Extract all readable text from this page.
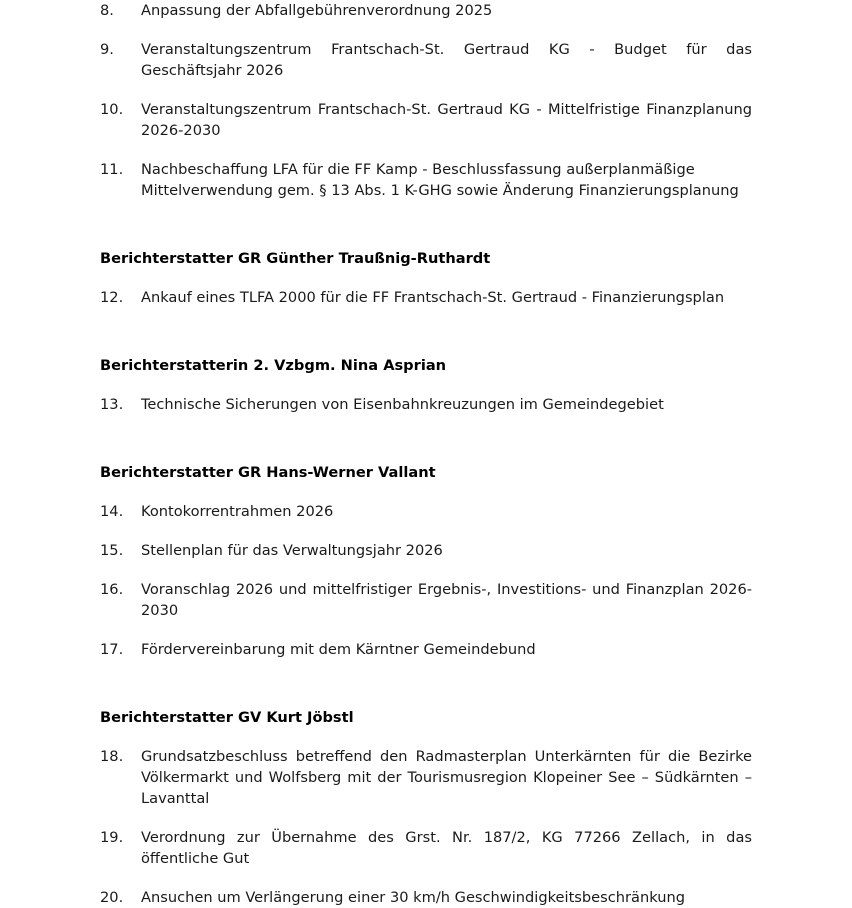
8.	Anpassung der Abfallgebührenverordnung 2025
9.	Veranstaltungszentrum Frantschach-St. Gertraud KG - Budget für das Geschäftsjahr 2026
10.	Veranstaltungszentrum Frantschach-St. Gertraud KG - Mittelfristige Finanzplanung 2026-2030
11.	Nachbeschaffung LFA für die FF Kamp - Beschlussfassung außerplanmäßige Mittelverwendung gem. § 13 Abs. 1 K-GHG sowie Änderung Finanzierungsplanung
Berichterstatter GR Günther Traußnig-Ruthardt
12.	Ankauf eines TLFA 2000 für die FF Frantschach-St. Gertraud - Finanzierungsplan
Berichterstatterin 2. Vzbgm. Nina Asprian
13.	Technische Sicherungen von Eisenbahnkreuzungen im Gemeindegebiet
Berichterstatter GR Hans-Werner Vallant
14.	Kontokorrentrahmen 2026
15.	Stellenplan für das Verwaltungsjahr 2026
16.	Voranschlag 2026 und mittelfristiger Ergebnis-, Investitions- und Finanzplan 2026-2030
17.	Fördervereinbarung mit dem Kärntner Gemeindebund
Berichterstatter GV Kurt Jöbstl
18.	Grundsatzbeschluss betreffend den Radmasterplan Unterkärnten für die Bezirke Völkermarkt und Wolfsberg mit der Tourismusregion Klopeiner See – Südkärnten – Lavanttal
19.	Verordnung zur Übernahme des Grst. Nr. 187/2, KG 77266 Zellach, in das öffentliche Gut
20.	Ansuchen um Verlängerung einer 30 km/h Geschwindigkeitsbeschränkung
